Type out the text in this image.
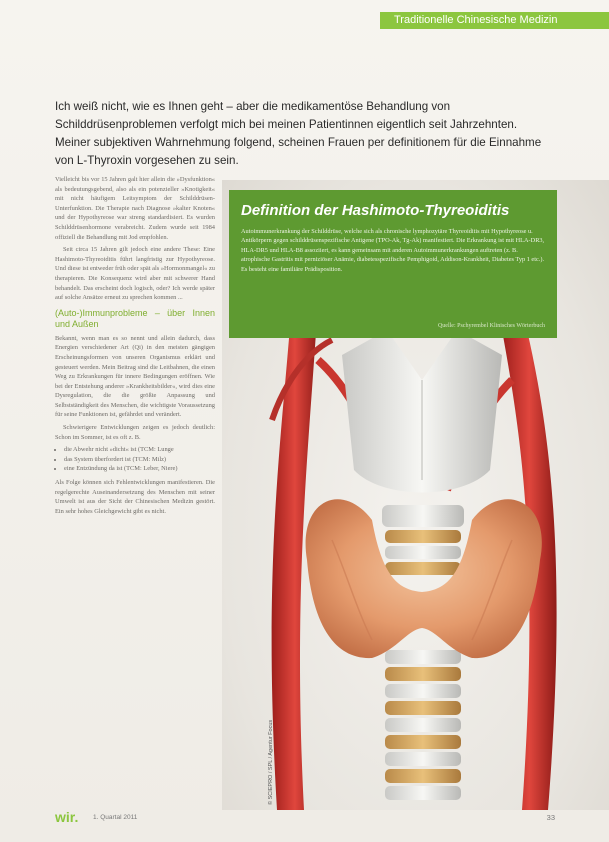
Traditionelle Chinesische Medizin
Ich weiß nicht, wie es Ihnen geht – aber die medikamentöse Behandlung von Schilddrüsenproblemen verfolgt mich bei meinen Patientinnen eigentlich seit Jahrzehnten. Meiner subjektiven Wahrnehmung folgend, scheinen Frauen per definitionem für die Einnahme von L-Thyroxin vorgesehen zu sein.

Vielleicht bis vor 15 Jahren galt hier allein die »Dysfunktion« als bedeutungsgebend, also als ein potenzieller »Knotigkeit« mit nicht häufigem Leitsymptom der Schilddrüsen-Unterfunktion. Die Therapie nach Diagnose »kalter Knoten« und der Hypothyreose war streng standardisiert. Es wurden Schilddrüsenhormone verabreicht. Zudem wurde seit 1984 offiziell die Behandlung mit Jod empfohlen.

Seit circa 15 Jahren gilt jedoch eine andere These: Eine Hashimoto-Thyreoiditis führt langfristig zur Hypothyreose. Und diese ist entweder früh oder spät als »Hormonmangel« zu therapieren. Die Konsequenz wird aber mit schwerer Hand behandelt. Das erscheint doch logisch, oder? Ich werde später auf solche Ansätze erneut zu sprechen kommen ...

(Auto-)Immunprobleme – über Innen und Außen

Bekannt, wenn man es so nennt und allein dadurch, dass Energien verschiedener Art (Qi) in den meisten gängigen Erscheinungsformen von unseren Organismus erklärt und gesteuert werden. Mein Beitrag sind die Leitbahnen, die einen Weg zu Erkrankungen für innere Bedingungen eröffnen. Wie bei der Entstehung anderer »Krankheitsbilder«, wird dies eine Dysregulation, die die größte Anpassung und Selbstständigkeit des Menschen, die wichtigste Voraussetzung für seine Funktionen ist, gefährdet und verändert.

Schwierigere Entwicklungen zeigen es jedoch deutlich: Schon im Sommer, ist es oft z. B.

• die Abwehr nicht »dicht« ist (TCM: Lunge
• das System überfordert ist (TCM: Milz)
• eine Entzündung da ist (TCM: Leber, Niere)

Als Folge können sich Fehlentwicklungen manifestieren. Die regelgerechte Auseinandersetzung des Menschen mit seiner Umwelt ist aus der Sicht der Chinesischen Medizin gestört. Ein sehr hohes Gleichgewicht gibt es nicht.

Definition der Hashimoto-Thyreoiditis
Autoimmunerkrankung der Schilddrüse, welche sich als chronische lymphozytäre Thyreoiditis mit Hypothyreose u. Antikörpern gegen schilddrüsenspezifische Antigene (TPO-Ak, Tg-Ak) manifestiert. Die Erkrankung ist mit HLA-DR3, HLA-DR5 und HLA-B8 assoziiert, es kann gemeinsam mit anderen Autoimmunerkrankungen auftreten (z. B. atrophische Gastritis mit perniziöser Anämie, diabetesspezifische Pemphigoid, Addison-Krankheit, Diabetes Typ 1 etc.). Es besteht eine familiäre Prädisposition.
Quelle: Pschyrembel Klinisches Wörterbuch
© SCIEPRO / SPL / Agentur Focus
wir. 1. Quartal 2011	33
